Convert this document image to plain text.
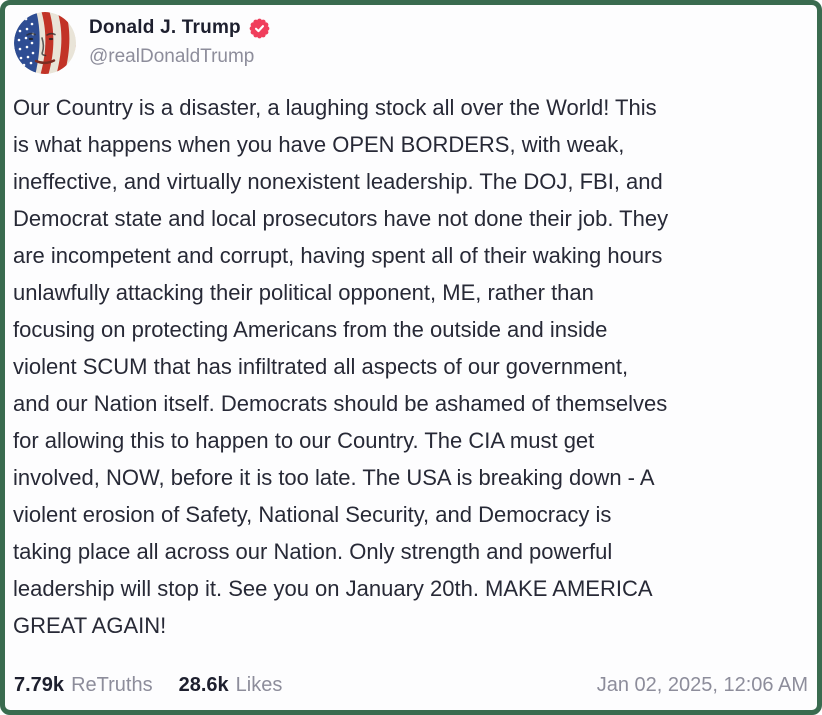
Donald J. Trump
@realDonaldTrump
Our Country is a disaster, a laughing stock all over the World! This
is what happens when you have OPEN BORDERS, with weak,
ineffective, and virtually nonexistent leadership. The DOJ, FBI, and
Democrat state and local prosecutors have not done their job. They
are incompetent and corrupt, having spent all of their waking hours
unlawfully attacking their political opponent, ME, rather than
focusing on protecting Americans from the outside and inside
violent SCUM that has infiltrated all aspects of our government,
and our Nation itself. Democrats should be ashamed of themselves
for allowing this to happen to our Country. The CIA must get
involved, NOW, before it is too late. The USA is breaking down - A
violent erosion of Safety, National Security, and Democracy is
taking place all across our Nation. Only strength and powerful
leadership will stop it. See you on January 20th. MAKE AMERICA
GREAT AGAIN!
7.79k ReTruths 28.6k Likes	Jan 02, 2025, 12:06 AM
